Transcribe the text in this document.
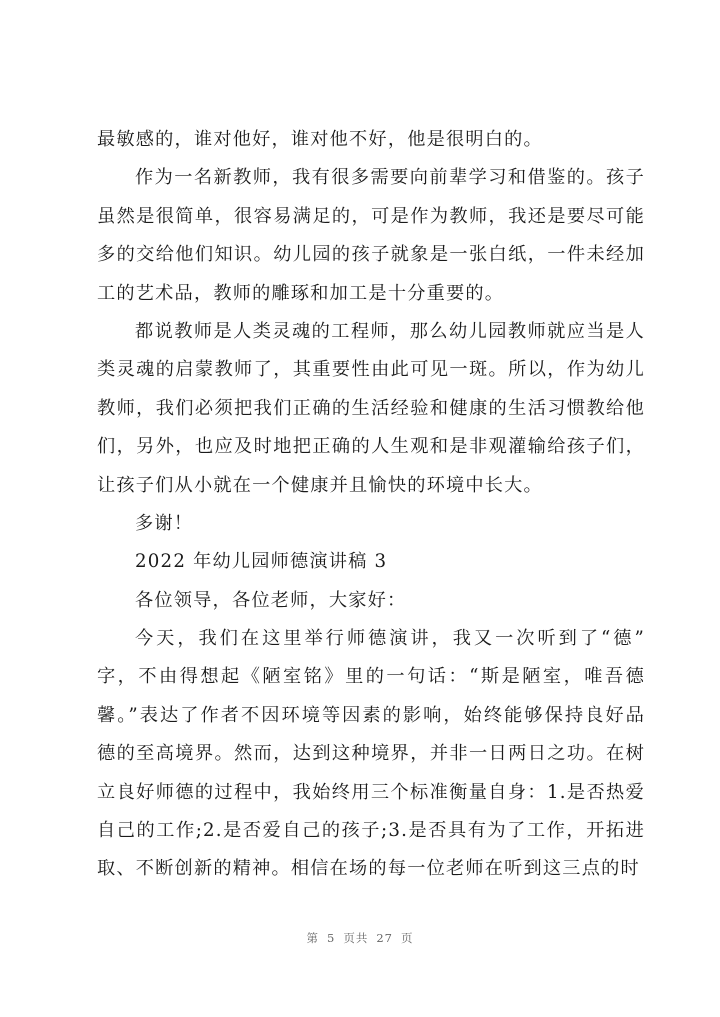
最敏感的，谁对他好，谁对他不好，他是很明白的。
作为一名新教师，我有很多需要向前辈学习和借鉴的。孩子
虽然是很简单，很容易满足的，可是作为教师，我还是要尽可能
多的交给他们知识。幼儿园的孩子就象是一张白纸，一件未经加
工的艺术品，教师的雕琢和加工是十分重要的。
都说教师是人类灵魂的工程师，那么幼儿园教师就应当是人
类灵魂的启蒙教师了，其重要性由此可见一斑。所以，作为幼儿
教师，我们必须把我们正确的生活经验和健康的生活习惯教给他
们，另外，也应及时地把正确的人生观和是非观灌输给孩子们，
让孩子们从小就在一个健康并且愉快的环境中长大。
多谢！
2022 年幼儿园师德演讲稿 3
各位领导，各位老师，大家好：
今天，我们在这里举行师德演讲，我又一次听到了“德”
字，不由得想起《陋室铭》里的一句话：“斯是陋室，唯吾德
馨。”表达了作者不因环境等因素的影响，始终能够保持良好品
德的至高境界。然而，达到这种境界，并非一日两日之功。在树
立良好师德的过程中，我始终用三个标准衡量自身：1.是否热爱
自己的工作;2.是否爱自己的孩子;3.是否具有为了工作，开拓进
取、不断创新的精神。相信在场的每一位老师在听到这三点的时
第 5 页共 27 页
